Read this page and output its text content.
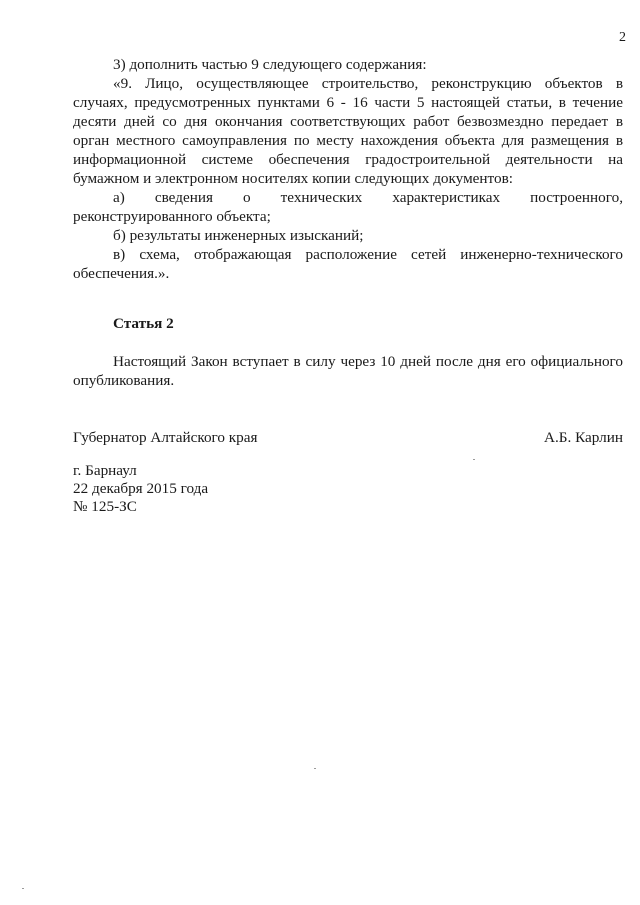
2

3) дополнить частью 9 следующего содержания:

«9. Лицо, осуществляющее строительство, реконструкцию объектов в случаях, предусмотренных пунктами 6 - 16 части 5 настоящей статьи, в течение десяти дней со дня окончания соответствующих работ безвозмездно передает в орган местного самоуправления по месту нахождения объекта для размещения в информационной системе обеспечения градостроительной деятельности на бумажном и электронном носителях копии следующих документов:

а) сведения о технических характеристиках построенного, реконструированного объекта;

б) результаты инженерных изысканий;

в) схема, отображающая расположение сетей инженерно-технического обеспечения.».

Статья 2

Настоящий Закон вступает в силу через 10 дней после дня его официального опубликования.

Губернатор Алтайского края	А.Б. Карлин
г. Барнаул
22 декабря 2015 года
№ 125-ЗС
